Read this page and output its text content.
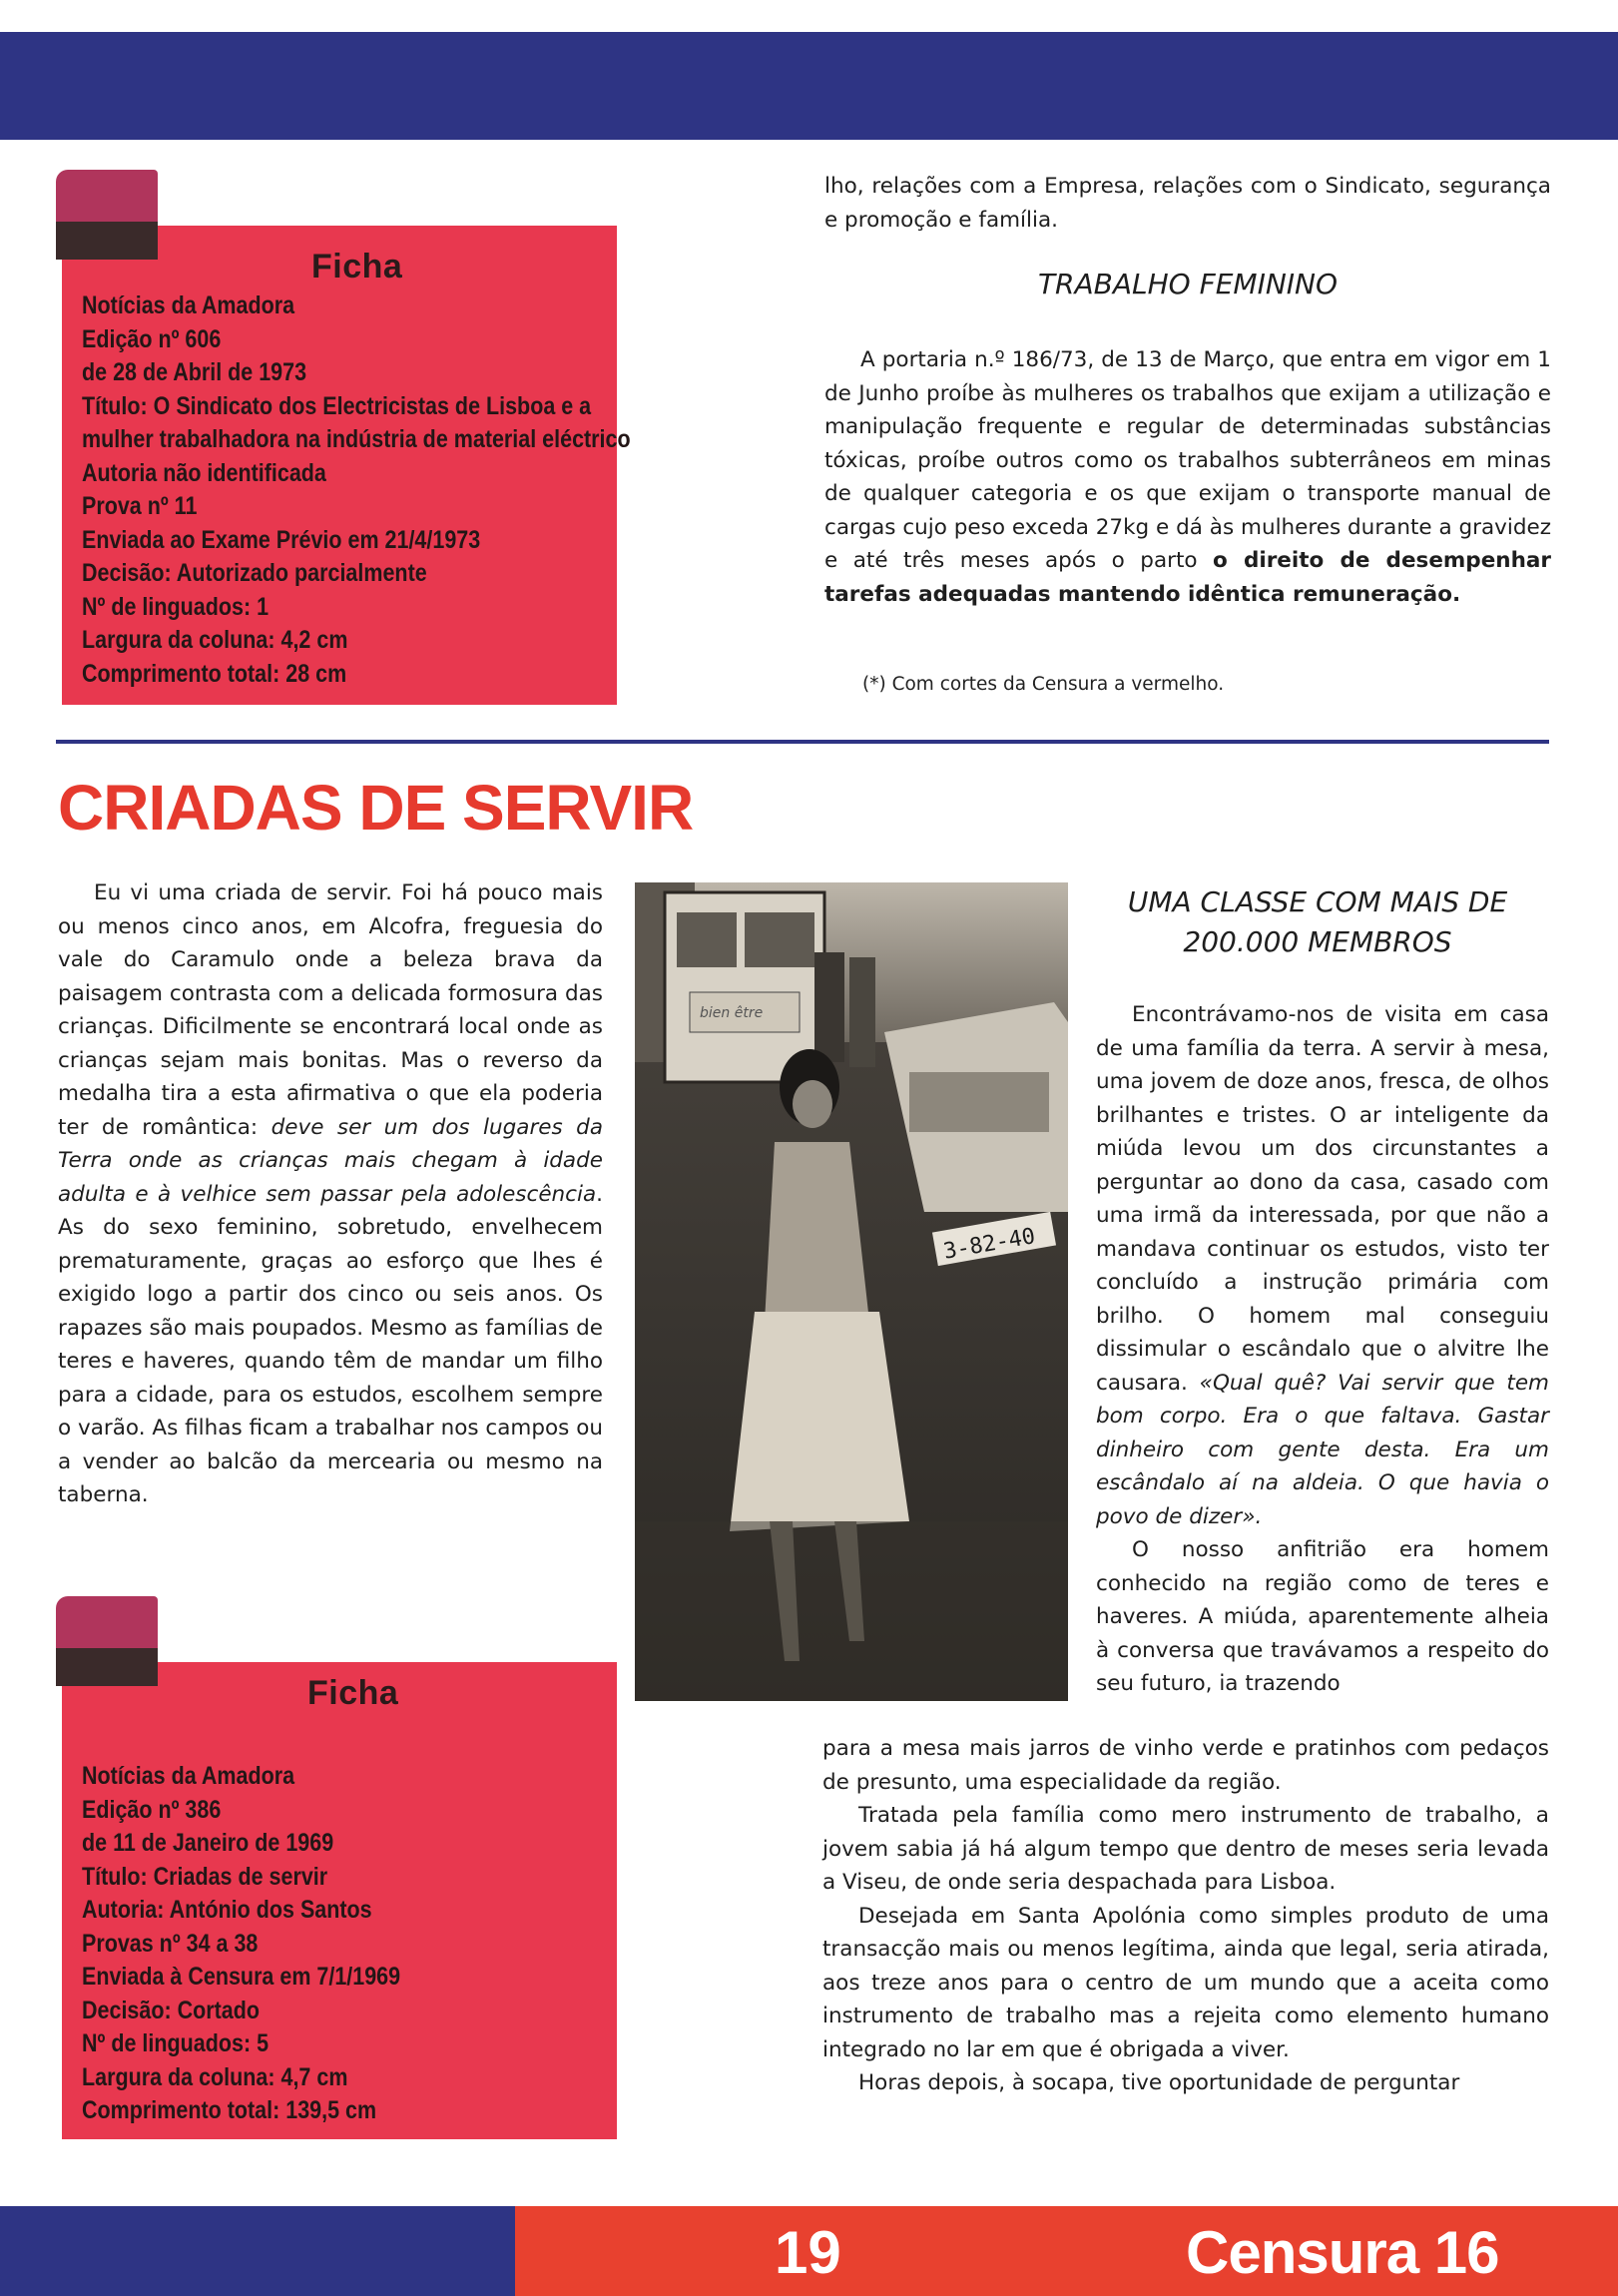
Ficha
Notícias da Amadora
Edição nº 606
de 28 de Abril de 1973
Título: O Sindicato dos Electricistas de Lisboa e a
mulher trabalhadora na indústria de material eléctrico
Autoria não identificada
Prova nº 11
Enviada ao Exame Prévio em 21/4/1973
Decisão: Autorizado parcialmente
Nº de linguados: 1
Largura da coluna: 4,2 cm
Comprimento total: 28 cm

lho, relações com a Empresa, relações com o Sindicato, segurança e promoção e família.

TRABALHO FEMININO

A portaria n.º 186/73, de 13 de Março, que entra em vigor em 1 de Junho proíbe às mulheres os trabalhos que exijam a utilização e manipulação frequente e regular de determinadas substâncias tóxicas, proíbe outros como os trabalhos subterrâneos em minas de qualquer categoria e os que exijam o transporte manual de cargas cujo peso exceda 27kg e dá às mulheres durante a gravidez e até três meses após o parto o direito de desempenhar tarefas adequadas mantendo idêntica remuneração.

(*) Com cortes da Censura a vermelho.
CRIADAS DE SERVIR

Eu vi uma criada de servir. Foi há pouco mais ou menos cinco anos, em Alcofra, freguesia do vale do Caramulo onde a beleza brava da paisagem contrasta com a delicada formosura das crianças. Dificilmente se encontrará local onde as crianças sejam mais bonitas. Mas o reverso da medalha tira a esta afirmativa o que ela poderia ter de romântica: deve ser um dos lugares da Terra onde as crianças mais chegam à idade adulta e à velhice sem passar pela adolescência. As do sexo feminino, sobretudo, envelhecem prematuramente, graças ao esforço que lhes é exigido logo a partir dos cinco ou seis anos. Os rapazes são mais poupados. Mesmo as famílias de teres e haveres, quando têm de mandar um filho para a cidade, para os estudos, escolhem sempre o varão. As filhas ficam a trabalhar nos campos ou a vender ao balcão da mercearia ou mesmo na taberna.

bien être
3-82-40
UMA CLASSE COM MAIS DE 200.000 MEMBROS

Encontrávamo-nos de visita em casa de uma família da terra. A servir à mesa, uma jovem de doze anos, fresca, de olhos brilhantes e tristes. O ar inteligente da miúda levou um dos circunstantes a perguntar ao dono da casa, casado com uma irmã da interessada, por que não a mandava continuar os estudos, visto ter concluído a instrução primária com brilho. O homem mal conseguiu dissimular o escândalo que o alvitre lhe causara. «Qual quê? Vai servir que tem bom corpo. Era o que faltava. Gastar dinheiro com gente desta. Era um escândalo aí na aldeia. O que havia o povo de dizer».

O nosso anfitrião era homem conhecido na região como de teres e haveres. A miúda, aparentemente alheia à conversa que travávamos a respeito do seu futuro, ia trazendo

para a mesa mais jarros de vinho verde e pratinhos com pedaços de presunto, uma especialidade da região.

Tratada pela família como mero instrumento de trabalho, a jovem sabia já há algum tempo que dentro de meses seria levada a Viseu, de onde seria despachada para Lisboa.

Desejada em Santa Apolónia como simples produto de uma transacção mais ou menos legítima, ainda que legal, seria atirada, aos treze anos para o centro de um mundo que a aceita como instrumento de trabalho mas a rejeita como elemento humano integrado no lar em que é obrigada a viver.

Horas depois, à socapa, tive oportunidade de perguntar

Ficha
Notícias da Amadora
Edição nº 386
de 11 de Janeiro de 1969
Título: Criadas de servir
Autoria: António dos Santos
Provas nº 34 a 38
Enviada à Censura em 7/1/1969
Decisão: Cortado
Nº de linguados: 5
Largura da coluna: 4,7 cm
Comprimento total: 139,5 cm
19	Censura 16
